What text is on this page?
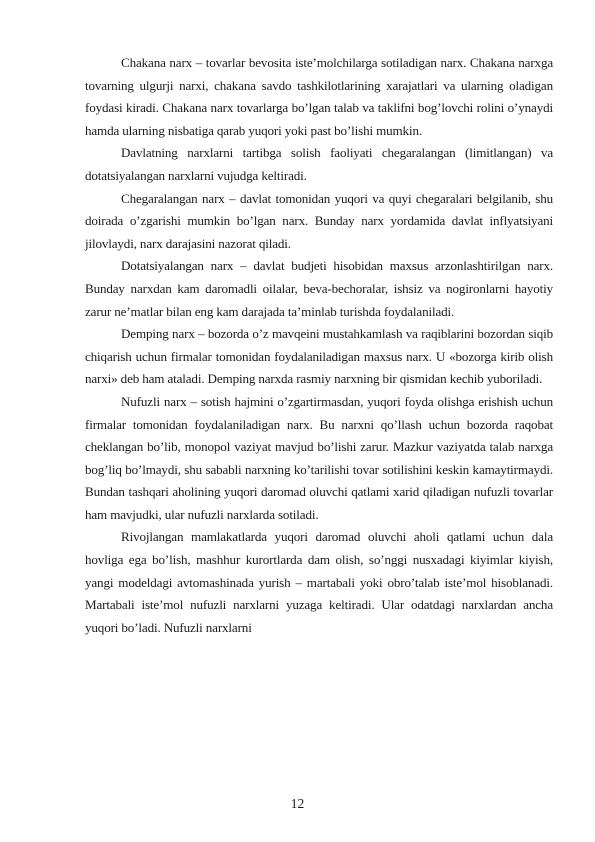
Chakana narx – tovarlar bevosita iste’molchilarga sotiladigan narx. Chakana narxga tovarning ulgurji narxi, chakana savdo tashkilotlarining xarajatlari va ularning oladigan foydasi kiradi. Chakana narx tovarlarga bo’lgan talab va taklifni bog’lovchi rolini o’ynaydi hamda ularning nisbatiga qarab yuqori yoki past bo’lishi mumkin.

Davlatning narxlarni tartibga solish faoliyati chegaralangan (limitlangan) va dotatsiyalangan narxlarni vujudga keltiradi.

Chegaralangan narx – davlat tomonidan yuqori va quyi chegaralari belgilanib, shu doirada o’zgarishi mumkin bo’lgan narx. Bunday narx yordamida davlat inflyatsiyani jilovlaydi, narx darajasini nazorat qiladi.

Dotatsiyalangan narx – davlat budjeti hisobidan maxsus arzonlashtirilgan narx. Bunday narxdan kam daromadli oilalar, beva-bechoralar, ishsiz va nogironlarni hayotiy zarur ne’matlar bilan eng kam darajada ta’minlab turishda foydalaniladi.

Demping narx – bozorda o’z mavqeini mustahkamlash va raqiblarini bozordan siqib chiqarish uchun firmalar tomonidan foydalaniladigan maxsus narx. U «bozorga kirib olish narxi» deb ham ataladi. Demping narxda rasmiy narxning bir qismidan kechib yuboriladi.

Nufuzli narx – sotish hajmini o’zgartirmasdan, yuqori foyda olishga erishish uchun firmalar tomonidan foydalaniladigan narx. Bu narxni qo’llash uchun bozorda raqobat cheklangan bo’lib, monopol vaziyat mavjud bo’lishi zarur. Mazkur vaziyatda talab narxga bog’liq bo’lmaydi, shu sababli narxning ko’tarilishi tovar sotilishini keskin kamaytirmaydi. Bundan tashqari aholining yuqori daromad oluvchi qatlami xarid qiladigan nufuzli tovarlar ham mavjudki, ular nufuzli narxlarda sotiladi.

Rivojlangan mamlakatlarda yuqori daromad oluvchi aholi qatlami uchun dala hovliga ega bo’lish, mashhur kurortlarda dam olish, so’nggi nusxadagi kiyimlar kiyish, yangi modeldagi avtomashinada yurish – martabali yoki obro’talab iste’mol hisoblanadi. Martabali iste’mol nufuzli narxlarni yuzaga keltiradi. Ular odatdagi narxlardan ancha yuqori bo’ladi. Nufuzli narxlarni

12
